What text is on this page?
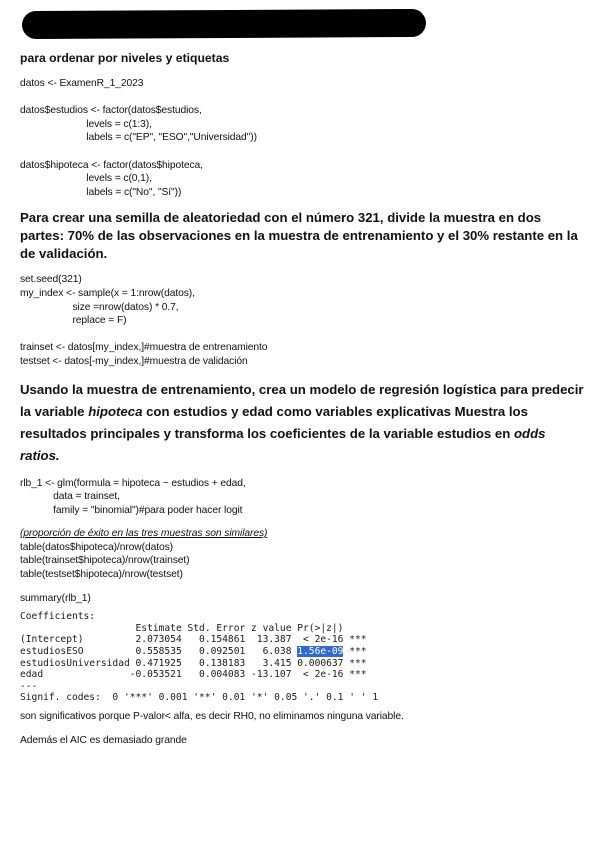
para ordenar por niveles y etiquetas

datos <- ExamenR_1_2023

datos$estudios <- factor(datos$estudios,

levels = c(1:3),

labels = c("EP", "ESO","Universidad"))

datos$hipoteca <- factor(datos$hipoteca,

levels = c(0,1),

labels = c("No", "Sí"))

Para crear una semilla de aleatoriedad con el número 321, divide la muestra en dos partes: 70% de las observaciones en la muestra de entrenamiento y el 30% restante en la de validación.

set.seed(321)

my_index <- sample(x = 1:nrow(datos),

size =nrow(datos) * 0.7,

replace = F)

trainset <- datos[my_index,]#muestra de entrenamiento

testset <- datos[-my_index,]#muestra de validación

Usando la muestra de entrenamiento, crea un modelo de regresión logística para predecir la variable hipoteca con estudios y edad como variables explicativas Muestra los resultados principales y transforma los coeficientes de la variable estudios en odds ratios.

rlb_1 <- glm(formula = hipoteca ~ estudios + edad,

data = trainset,

family = "binomial")#para poder hacer logit

(proporción de éxito en las tres muestras son similares)

table(datos$hipoteca)/nrow(datos)

table(trainset$hipoteca)/nrow(trainset)

table(testset$hipoteca)/nrow(testset)

summary(rlb_1)

Coefficients:

Estimate Std. Error z value Pr(>|z|)

(Intercept)         2.073054   0.154861  13.387  < 2e-16 ***

estudiosESO         0.558535   0.092501   6.038 1.56e-09 ***

estudiosUniversidad 0.471925   0.138183   3.415 0.000637 ***

edad               -0.053521   0.004083 -13.107  < 2e-16 ***

---

Signif. codes:  0 '***' 0.001 '**' 0.01 '*' 0.05 '.' 0.1 ' ' 1

son significativos porque P-valor< alfa, es decir RH0, no eliminamos ninguna variable.

Además el AIC es demasiado grande
